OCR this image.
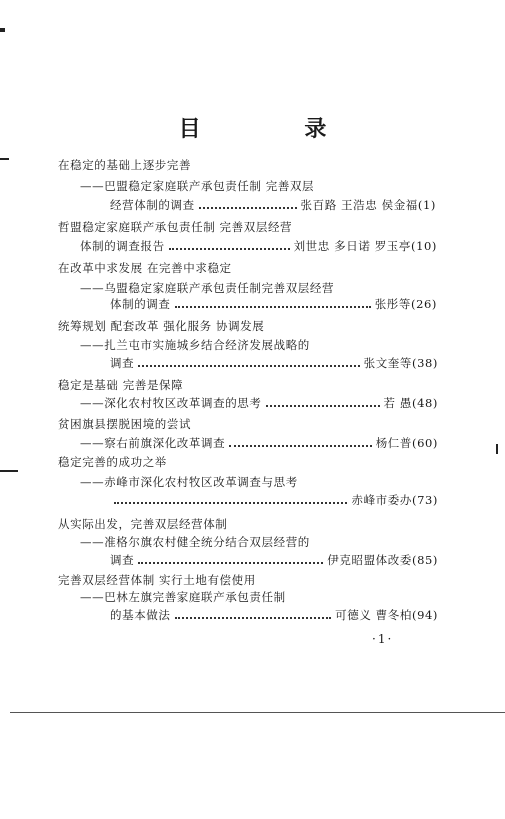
目 录
在稳定的基础上逐步完善
——巴盟稳定家庭联产承包责任制 完善双层
经营体制的调查	张百路 王浩忠 侯金福(1)
哲盟稳定家庭联产承包责任制 完善双层经营
体制的调查报告	刘世忠 多日诺 罗玉亭(10)
在改革中求发展 在完善中求稳定
——乌盟稳定家庭联产承包责任制完善双层经营
体制的调查	张彤等(26)
统筹规划 配套改革 强化服务 协调发展
——扎兰屯市实施城乡结合经济发展战略的
调查	张文奎等(38)
稳定是基础 完善是保障
——深化农村牧区改革调查的思考	若 愚(48)
贫困旗县摆脱困境的尝试
——察右前旗深化改革调查	杨仁普(60)
稳定完善的成功之举
——赤峰市深化农村牧区改革调查与思考
赤峰市委办(73)
从实际出发，完善双层经营体制
——准格尔旗农村健全统分结合双层经营的
调查	伊克昭盟体改委(85)
完善双层经营体制 实行土地有偿使用
——巴林左旗完善家庭联产承包责任制
的基本做法	可德义 曹冬柏(94)
·1·
